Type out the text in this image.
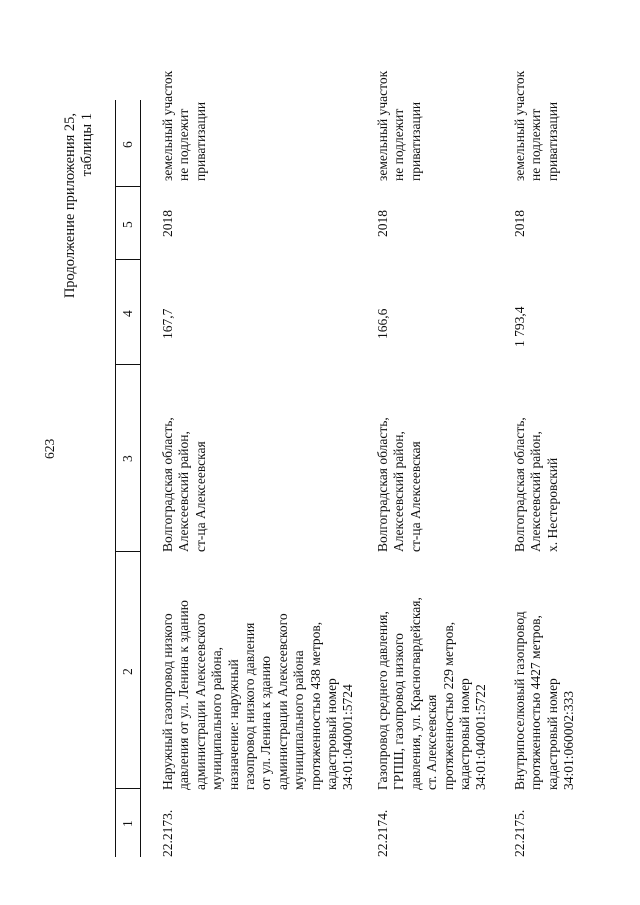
623
Продолжение приложения 25, таблицы 1
1
2
3
4
5
6
22.2173.
Наружный газопровод низкого давления от ул. Ленина к зданию администрации Алексеевского муниципального района, назначение: наружный газопровод низкого давления от ул. Ленина к зданию администрации Алексеевского муниципального района протяженностью 438 метров, кадастровый номер 34:01:040001:5724
Волгоградская область, Алексеевский район, ст-ца Алексеевская
167,7
2018
земельный участок не подлежит приватизации
22.2174.
Газопровод среднего давления, ГРПШ, газопровод низкого давления, ул. Красногвардейская, ст. Алексеевская протяженностью 229 метров, кадастровый номер 34:01:040001:5722
Волгоградская область, Алексеевский район, ст-ца Алексеевская
166,6
2018
земельный участок не подлежит приватизации
22.2175.
Внутрипоселковый газопровод протяженностью 4427 метров, кадастровый номер 34:01:060002:333
Волгоградская область, Алексеевский район, х. Нестеровский
1 793,4
2018
земельный участок не подлежит приватизации
